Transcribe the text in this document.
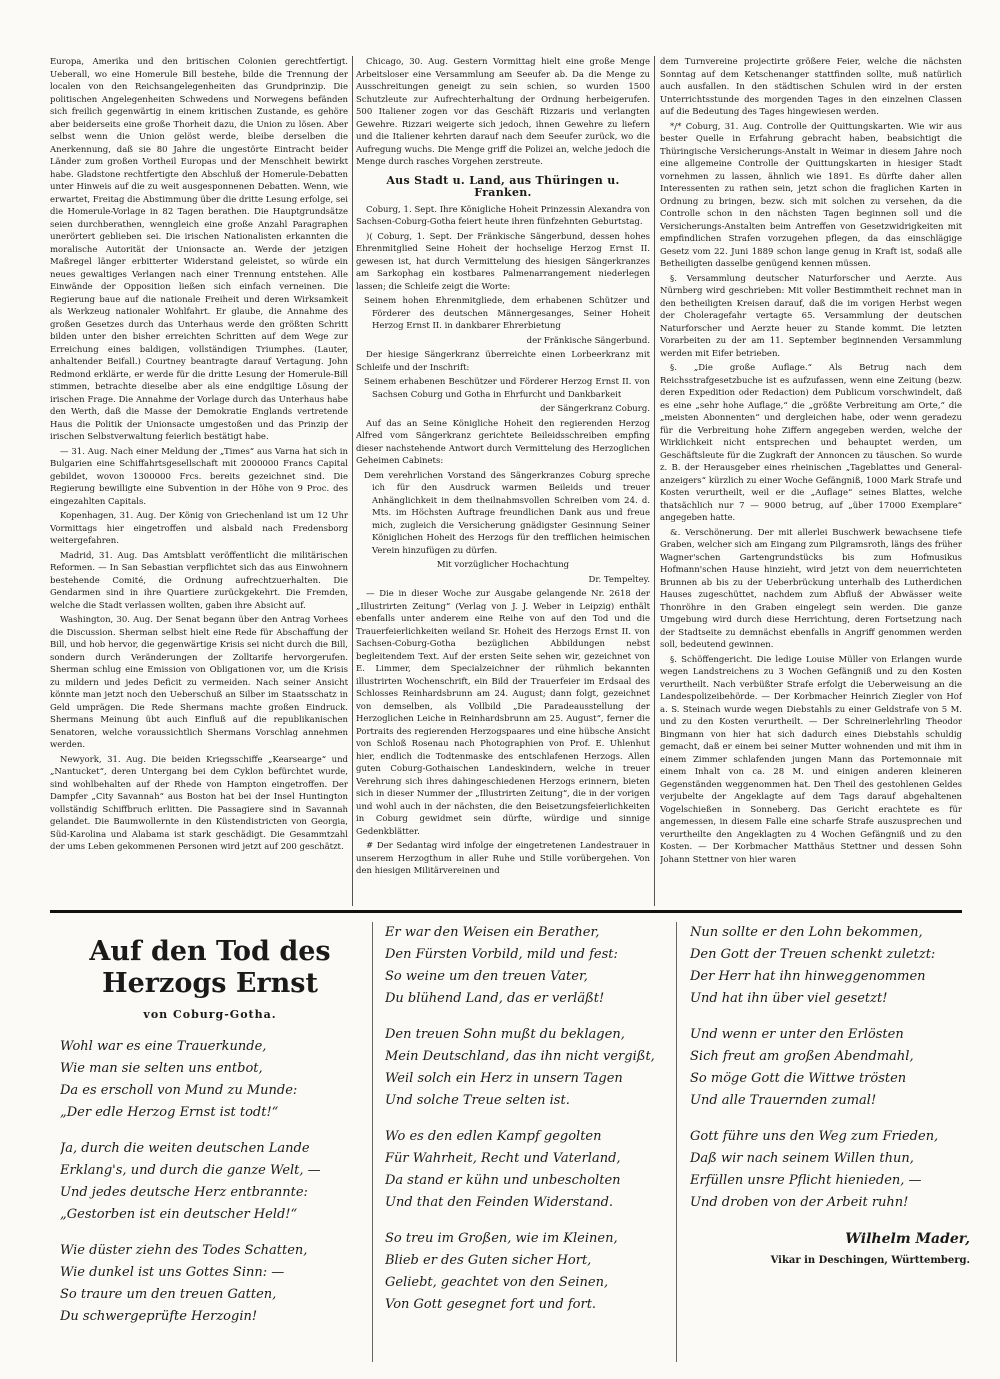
Europa, Amerika und den britischen Colonien gerechtfertigt. Ueberall, wo eine Homerule Bill bestehe, bilde die Trennung der localen von den Reichsangelegenheiten das Grundprinzip. Die politischen Angelegenheiten Schwedens und Norwegens befänden sich freilich gegenwärtig in einem kritischen Zustande, es gehöre aber beiderseits eine große Thorheit dazu, die Union zu lösen. Aber selbst wenn die Union gelöst werde, bleibe derselben die Anerkennung, daß sie 80 Jahre die ungestörte Eintracht beider Länder zum großen Vortheil Europas und der Menschheit bewirkt habe. Gladstone rechtfertigte den Abschluß der Homerule-Debatten unter Hinweis auf die zu weit ausgesponnenen Debatten. Wenn, wie erwartet, Freitag die Abstimmung über die dritte Lesung erfolge, sei die Homerule-Vorlage in 82 Tagen berathen. Die Hauptgrundsätze seien durchberathen, wenngleich eine große Anzahl Paragraphen unerörtert geblieben sei. Die irischen Nationalisten erkannten die moralische Autorität der Unionsacte an. Werde der jetzigen Maßregel länger erbitterter Widerstand geleistet, so würde ein neues gewaltiges Verlangen nach einer Trennung entstehen. Alle Einwände der Opposition ließen sich einfach verneinen. Die Regierung baue auf die nationale Freiheit und deren Wirksamkeit als Werkzeug nationaler Wohlfahrt. Er glaube, die Annahme des großen Gesetzes durch das Unterhaus werde den größten Schritt bilden unter den bisher erreichten Schritten auf dem Wege zur Erreichung eines baldigen, vollständigen Triumphes. (Lauter, anhaltender Beifall.) Courtney beantragte darauf Vertagung. John Redmond erklärte, er werde für die dritte Lesung der Homerule-Bill stimmen, betrachte dieselbe aber als eine endgiltige Lösung der irischen Frage. Die Annahme der Vorlage durch das Unterhaus habe den Werth, daß die Masse der Demokratie Englands vertretende Haus die Politik der Unionsacte umgestoßen und das Prinzip der irischen Selbstverwaltung feierlich bestätigt habe.

— 31. Aug. Nach einer Meldung der „Times“ aus Varna hat sich in Bulgarien eine Schiffahrtsgesellschaft mit 2000000 Francs Capital gebildet, wovon 1300000 Frcs. bereits gezeichnet sind. Die Regierung bewilligte eine Subvention in der Höhe von 9 Proc. des eingezahlten Capitals.

Kopenhagen, 31. Aug. Der König von Griechenland ist um 12 Uhr Vormittags hier eingetroffen und alsbald nach Fredensborg weitergefahren.

Madrid, 31. Aug. Das Amtsblatt veröffentlicht die militärischen Reformen. — In San Sebastian verpflichtet sich das aus Einwohnern bestehende Comité, die Ordnung aufrechtzuerhalten. Die Gendarmen sind in ihre Quartiere zurückgekehrt. Die Fremden, welche die Stadt verlassen wollten, gaben ihre Absicht auf.

Washington, 30. Aug. Der Senat begann über den Antrag Vorhees die Discussion. Sherman selbst hielt eine Rede für Abschaffung der Bill, und hob hervor, die gegenwärtige Krisis sei nicht durch die Bill, sondern durch Veränderungen der Zolltarife hervorgerufen. Sherman schlug eine Emission von Obligationen vor, um die Krisis zu mildern und jedes Deficit zu vermeiden. Nach seiner Ansicht könnte man jetzt noch den Ueberschuß an Silber im Staatsschatz in Geld umprägen. Die Rede Shermans machte großen Eindruck. Shermans Meinung übt auch Einfluß auf die republikanischen Senatoren, welche voraussichtlich Shermans Vorschlag annehmen werden.

Newyork, 31. Aug. Die beiden Kriegsschiffe „Kearsearge“ und „Nantucket“, deren Untergang bei dem Cyklon befürchtet wurde, sind wohlbehalten auf der Rhede von Hampton eingetroffen. Der Dampfer „City Savannah“ aus Boston hat bei der Insel Huntington vollständig Schiffbruch erlitten. Die Passagiere sind in Savannah gelandet. Die Baumwollernte in den Küstendistricten von Georgia, Süd-Karolina und Alabama ist stark geschädigt. Die Gesammtzahl der ums Leben gekommenen Personen wird jetzt auf 200 geschätzt.

Chicago, 30. Aug. Gestern Vormittag hielt eine große Menge Arbeitsloser eine Versammlung am Seeufer ab. Da die Menge zu Ausschreitungen geneigt zu sein schien, so wurden 1500 Schutzleute zur Aufrechterhaltung der Ordnung herbeigerufen. 500 Italiener zogen vor das Geschäft Rizzaris und verlangten Gewehre. Rizzari weigerte sich jedoch, ihnen Gewehre zu liefern und die Italiener kehrten darauf nach dem Seeufer zurück, wo die Aufregung wuchs. Die Menge griff die Polizei an, welche jedoch die Menge durch rasches Vorgehen zerstreute.

Aus Stadt u. Land, aus Thüringen u. Franken.

Coburg, 1. Sept. Ihre Königliche Hoheit Prinzessin Alexandra von Sachsen-Coburg-Gotha feiert heute ihren fünfzehnten Geburtstag.

)( Coburg, 1. Sept. Der Fränkische Sängerbund, dessen hohes Ehrenmitglied Seine Hoheit der hochselige Herzog Ernst II. gewesen ist, hat durch Vermittelung des hiesigen Sängerkranzes am Sarkophag ein kostbares Palmenarrangement niederlegen lassen; die Schleife zeigt die Worte:

Seinem hohen Ehrenmitgliede, dem erhabenen Schützer und Förderer des deutschen Männergesanges, Seiner Hoheit Herzog Ernst II. in dankbarer Ehrerbietung

der Fränkische Sängerbund.

Der hiesige Sängerkranz überreichte einen Lorbeerkranz mit Schleife und der Inschrift:

Seinem erhabenen Beschützer und Förderer Herzog Ernst II. von Sachsen Coburg und Gotha in Ehrfurcht und Dankbarkeit

der Sängerkranz Coburg.

Auf das an Seine Königliche Hoheit den regierenden Herzog Alfred vom Sängerkranz gerichtete Beileidsschreiben empfing dieser nachstehende Antwort durch Vermittelung des Herzoglichen Geheimen Cabinets:

Dem verehrlichen Vorstand des Sängerkranzes Coburg spreche ich für den Ausdruck warmen Beileids und treuer Anhänglichkeit in dem theilnahmsvollen Schreiben vom 24. d. Mts. im Höchsten Auftrage freundlichen Dank aus und freue mich, zugleich die Versicherung gnädigster Gesinnung Seiner Königlichen Hoheit des Herzogs für den trefflichen heimischen Verein hinzufügen zu dürfen.

Mit vorzüglicher Hochachtung

Dr. Tempeltey.

— Die in dieser Woche zur Ausgabe gelangende Nr. 2618 der „Illustrirten Zeitung“ (Verlag von J. J. Weber in Leipzig) enthält ebenfalls unter anderem eine Reihe von auf den Tod und die Trauerfeierlichkeiten weiland Sr. Hoheit des Herzogs Ernst II. von Sachsen-Coburg-Gotha bezüglichen Abbildungen nebst begleitendem Text. Auf der ersten Seite sehen wir, gezeichnet von E. Limmer, dem Specialzeichner der rühmlich bekannten illustrirten Wochenschrift, ein Bild der Trauerfeier im Erdsaal des Schlosses Reinhardsbrunn am 24. August; dann folgt, gezeichnet von demselben, als Vollbild „Die Paradeausstellung der Herzoglichen Leiche in Reinhardsbrunn am 25. August“, ferner die Portraits des regierenden Herzogspaares und eine hübsche Ansicht von Schloß Rosenau nach Photographien von Prof. E. Uhlenhut hier, endlich die Todtenmaske des entschlafenen Herzogs. Allen guten Coburg-Gothaischen Landeskindern, welche in treuer Verehrung sich ihres dahingeschiedenen Herzogs erinnern, bieten sich in dieser Nummer der „Illustrirten Zeitung“, die in der vorigen und wohl auch in der nächsten, die den Beisetzungsfeierlichkeiten in Coburg gewidmet sein dürfte, würdige und sinnige Gedenkblätter.

# Der Sedantag wird infolge der eingetretenen Landestrauer in unserem Herzogthum in aller Ruhe und Stille vorübergehen. Von den hiesigen Militärvereinen und

dem Turnvereine projectirte größere Feier, welche die nächsten Sonntag auf dem Ketschenanger stattfinden sollte, muß natürlich auch ausfallen. In den städtischen Schulen wird in der ersten Unterrichtsstunde des morgenden Tages in den einzelnen Classen auf die Bedeutung des Tages hingewiesen werden.

*/* Coburg, 31. Aug. Controlle der Quittungskarten. Wie wir aus bester Quelle in Erfahrung gebracht haben, beabsichtigt die Thüringische Versicherungs-Anstalt in Weimar in diesem Jahre noch eine allgemeine Controlle der Quittungskarten in hiesiger Stadt vornehmen zu lassen, ähnlich wie 1891. Es dürfte daher allen Interessenten zu rathen sein, jetzt schon die fraglichen Karten in Ordnung zu bringen, bezw. sich mit solchen zu versehen, da die Controlle schon in den nächsten Tagen beginnen soll und die Versicherungs-Anstalten beim Antreffen von Gesetzwidrigkeiten mit empfindlichen Strafen vorzugehen pflegen, da das einschlägige Gesetz vom 22. Juni 1889 schon lange genug in Kraft ist, sodaß alle Betheiligten dasselbe genügend kennen müssen.

§. Versammlung deutscher Naturforscher und Aerzte. Aus Nürnberg wird geschrieben: Mit voller Bestimmtheit rechnet man in den betheiligten Kreisen darauf, daß die im vorigen Herbst wegen der Choleragefahr vertagte 65. Versammlung der deutschen Naturforscher und Aerzte heuer zu Stande kommt. Die letzten Vorarbeiten zu der am 11. September beginnenden Versammlung werden mit Eifer betrieben.

§. „Die große Auflage.“ Als Betrug nach dem Reichsstrafgesetzbuche ist es aufzufassen, wenn eine Zeitung (bezw. deren Expedition oder Redaction) dem Publicum vorschwindelt, daß es eine „sehr hohe Auflage,“ die „größte Verbreitung am Orte,“ die „meisten Abonnenten“ und dergleichen habe, oder wenn geradezu für die Verbreitung hohe Ziffern angegeben werden, welche der Wirklichkeit nicht entsprechen und behauptet werden, um Geschäftsleute für die Zugkraft der Annoncen zu täuschen. So wurde z. B. der Herausgeber eines rheinischen „Tageblattes und General-anzeigers“ kürzlich zu einer Woche Gefängniß, 1000 Mark Strafe und Kosten verurtheilt, weil er die „Auflage“ seines Blattes, welche thatsächlich nur 7 — 9000 betrug, auf „über 17000 Exemplare“ angegeben hatte.

&. Verschönerung. Der mit allerlei Buschwerk bewachsene tiefe Graben, welcher sich am Eingang zum Pilgramsroth, längs des früher Wagner'schen Gartengrundstücks bis zum Hofmusikus Hofmann'schen Hause hinzieht, wird jetzt von dem neuerrichteten Brunnen ab bis zu der Ueberbrückung unterhalb des Lutherdichen Hauses zugeschüttet, nachdem zum Abfluß der Abwässer weite Thonröhre in den Graben eingelegt sein werden. Die ganze Umgebung wird durch diese Herrichtung, deren Fortsetzung nach der Stadtseite zu demnächst ebenfalls in Angriff genommen werden soll, bedeutend gewinnen.

§. Schöffengericht. Die ledige Louise Müller von Erlangen wurde wegen Landstreichens zu 3 Wochen Gefängniß und zu den Kosten verurtheilt. Nach verbüßter Strafe erfolgt die Ueberweisung an die Landespolizeibehörde. — Der Korbmacher Heinrich Ziegler von Hof a. S. Steinach wurde wegen Diebstahls zu einer Geldstrafe von 5 M. und zu den Kosten verurtheilt. — Der Schreinerlehrling Theodor Bingmann von hier hat sich dadurch eines Diebstahls schuldig gemacht, daß er einem bei seiner Mutter wohnenden und mit ihm in einem Zimmer schlafenden jungen Mann das Portemonnaie mit einem Inhalt von ca. 28 M. und einigen anderen kleineren Gegenständen weggenommen hat. Den Theil des gestohlenen Geldes verjubelte der Angeklagte auf dem Tags darauf abgehaltenen Vogelschießen in Sonneberg. Das Gericht erachtete es für angemessen, in diesem Falle eine scharfe Strafe auszusprechen und verurtheilte den Angeklagten zu 4 Wochen Gefängniß und zu den Kosten. — Der Korbmacher Matthäus Stettner und dessen Sohn Johann Stettner von hier waren

Auf den Tod des Herzogs Ernst
von Coburg-Gotha.
Wohl war es eine Trauerkunde,
Wie man sie selten uns entbot,
Da es erscholl von Mund zu Munde:
„Der edle Herzog Ernst ist todt!“
Ja, durch die weiten deutschen Lande
Erklang's, und durch die ganze Welt, —
Und jedes deutsche Herz entbrannte:
„Gestorben ist ein deutscher Held!“
Wie düster ziehn des Todes Schatten,
Wie dunkel ist uns Gottes Sinn: —
So traure um den treuen Gatten,
Du schwergeprüfte Herzogin!
Er war den Weisen ein Berather,
Den Fürsten Vorbild, mild und fest:
So weine um den treuen Vater,
Du blühend Land, das er verläßt!
Den treuen Sohn mußt du beklagen,
Mein Deutschland, das ihn nicht vergißt,
Weil solch ein Herz in unsern Tagen
Und solche Treue selten ist.
Wo es den edlen Kampf gegolten
Für Wahrheit, Recht und Vaterland,
Da stand er kühn und unbescholten
Und that den Feinden Widerstand.
So treu im Großen, wie im Kleinen,
Blieb er des Guten sicher Hort,
Geliebt, geachtet von den Seinen,
Von Gott gesegnet fort und fort.
Nun sollte er den Lohn bekommen,
Den Gott der Treuen schenkt zuletzt:
Der Herr hat ihn hinweggenommen
Und hat ihn über viel gesetzt!
Und wenn er unter den Erlösten
Sich freut am großen Abendmahl,
So möge Gott die Wittwe trösten
Und alle Trauernden zumal!
Gott führe uns den Weg zum Frieden,
Daß wir nach seinem Willen thun,
Erfüllen unsre Pflicht hienieden, —
Und droben von der Arbeit ruhn!
Wilhelm Mader,
Vikar in Deschingen, Württemberg.
